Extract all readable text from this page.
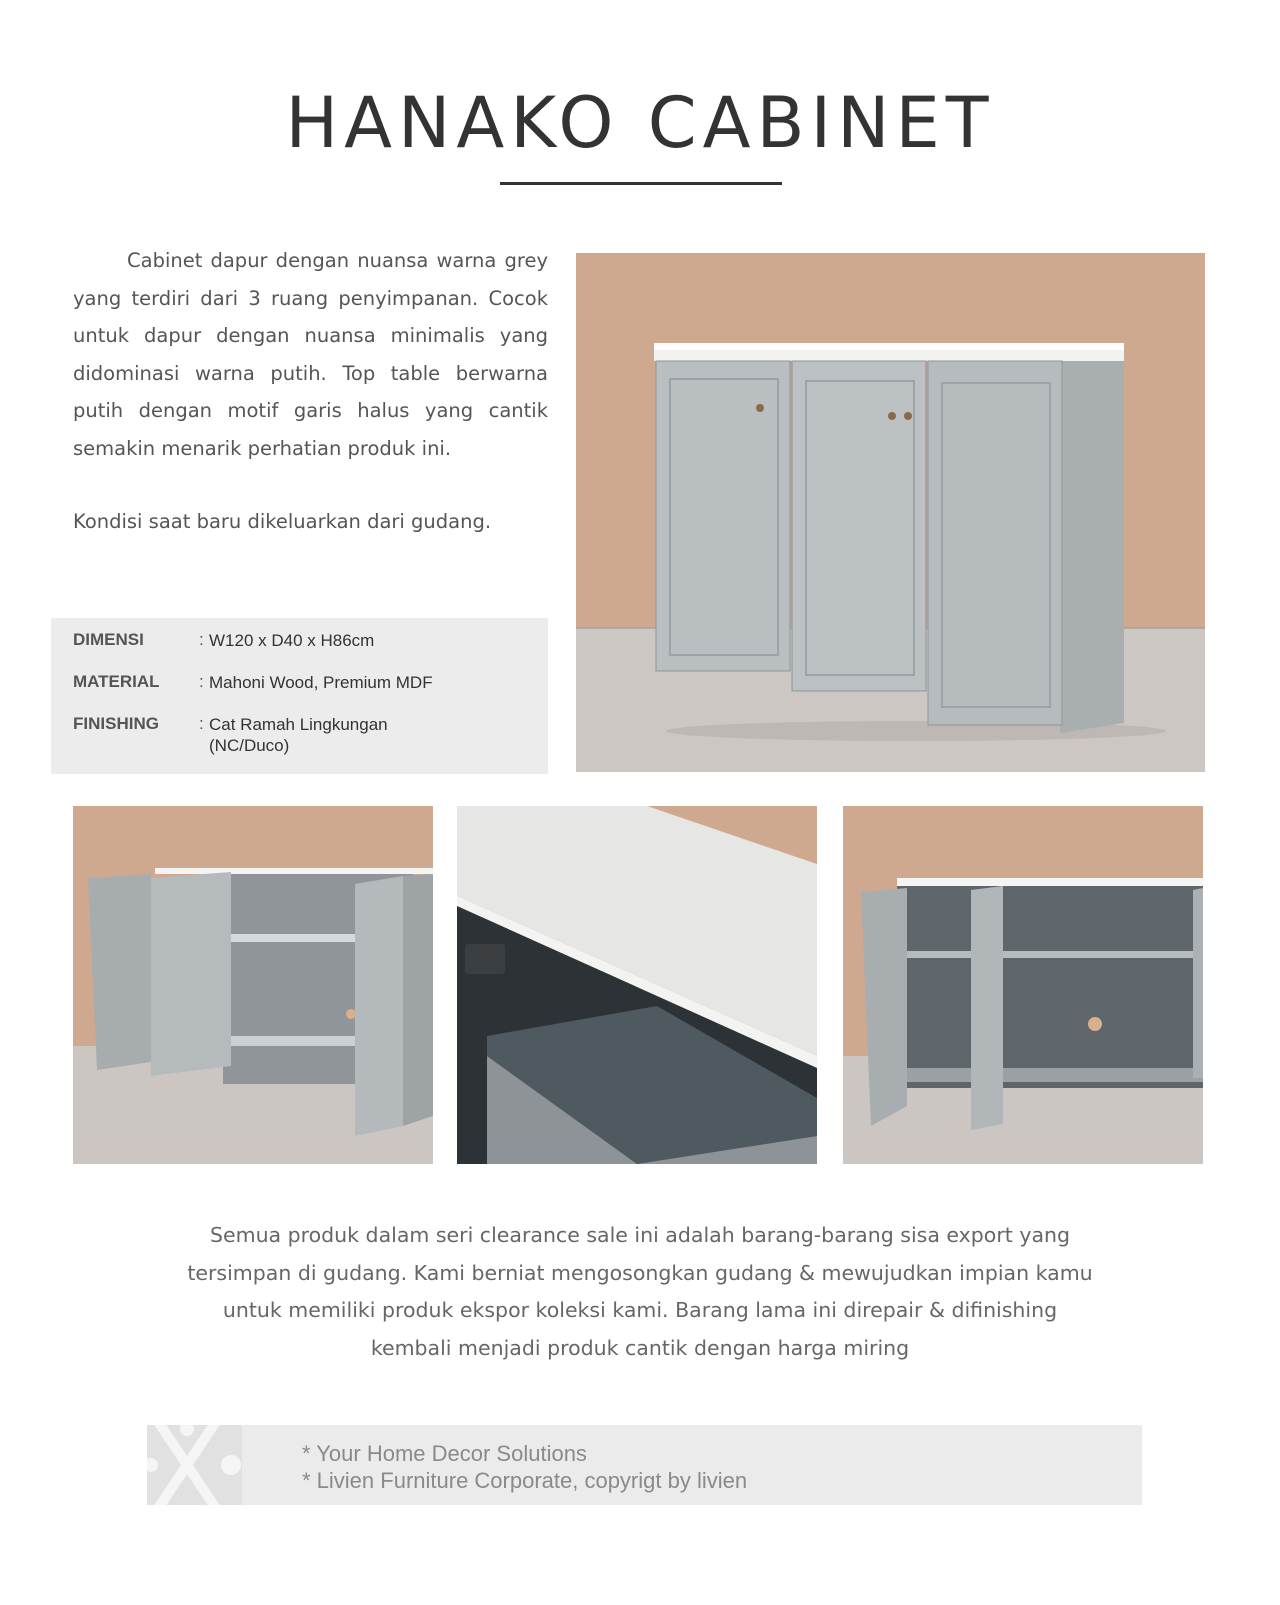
HANAKO CABINET
Cabinet dapur dengan nuansa warna grey yang terdiri dari 3 ruang penyimpanan. Cocok untuk dapur dengan nuansa minimalis yang didominasi warna putih. Top table berwarna putih dengan motif garis halus yang cantik semakin menarik perhatian produk ini.
Kondisi saat baru dikeluarkan dari gudang.
DIMENSI	: W120 x D40 x H86cm
MATERIAL	: Mahoni Wood, Premium MDF
FINISHING	: Cat Ramah Lingkungan
(NC/Duco)
Semua produk dalam seri clearance sale ini adalah barang-barang sisa export yang
tersimpan di gudang. Kami berniat mengosongkan gudang & mewujudkan impian kamu
untuk memiliki produk ekspor koleksi kami. Barang lama ini direpair & difinishing
kembali menjadi produk cantik dengan harga miring
* Your Home Decor Solutions
* Livien Furniture Corporate, copyrigt by livien
